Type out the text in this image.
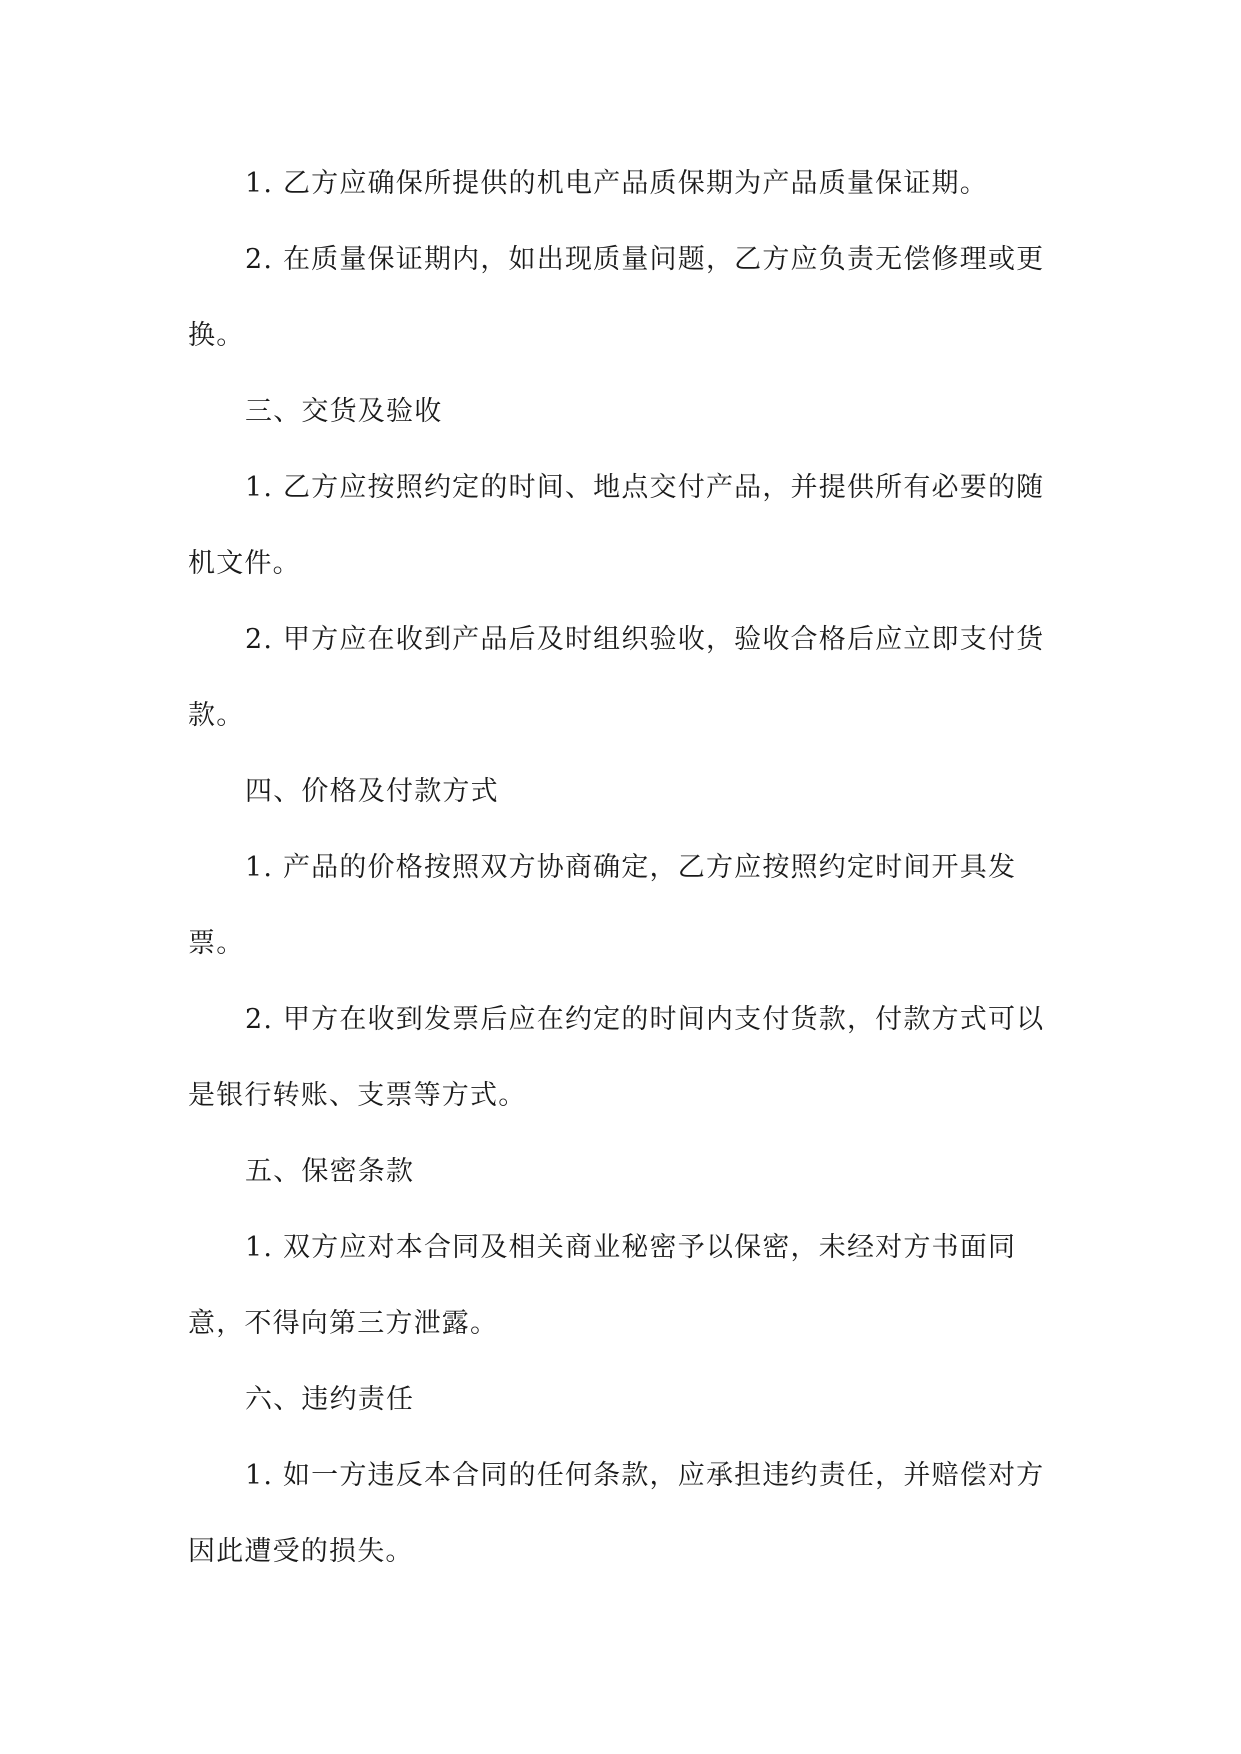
1. 乙方应确保所提供的机电产品质保期为产品质量保证期。

2. 在质量保证期内，如出现质量问题，乙方应负责无偿修理或更换。

三、交货及验收

1. 乙方应按照约定的时间、地点交付产品，并提供所有必要的随机文件。

2. 甲方应在收到产品后及时组织验收，验收合格后应立即支付货款。

四、价格及付款方式

1. 产品的价格按照双方协商确定，乙方应按照约定时间开具发票。

2. 甲方在收到发票后应在约定的时间内支付货款，付款方式可以是银行转账、支票等方式。

五、保密条款

1. 双方应对本合同及相关商业秘密予以保密，未经对方书面同意，不得向第三方泄露。

六、违约责任

1. 如一方违反本合同的任何条款，应承担违约责任，并赔偿对方因此遭受的损失。
